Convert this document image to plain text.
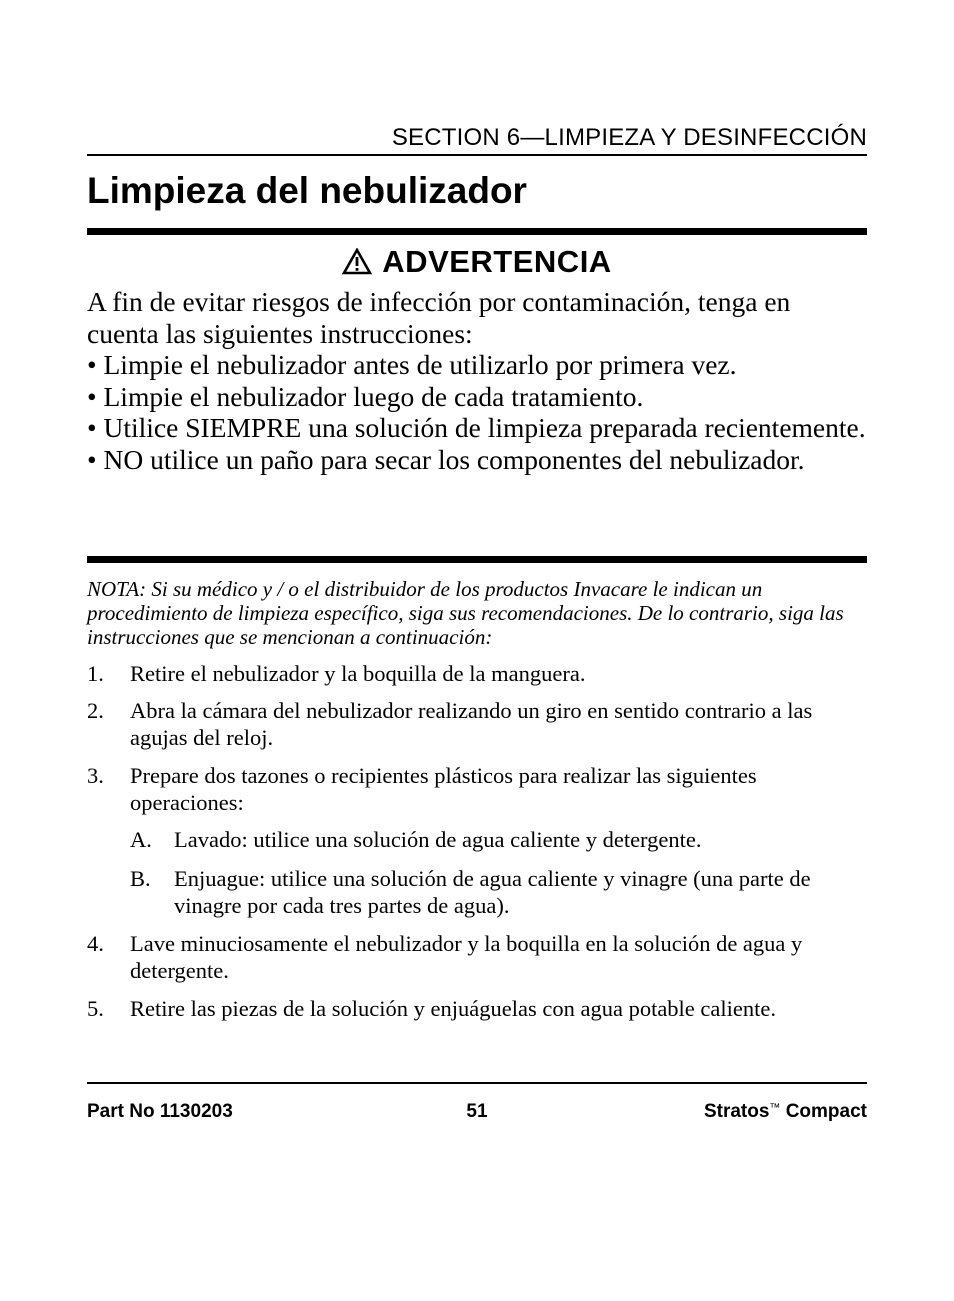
SECTION 6—LIMPIEZA Y DESINFECCIÓN
Limpieza del nebulizador
ADVERTENCIA

A fin de evitar riesgos de infección por contaminación, tenga en cuenta las siguientes instrucciones:

• Limpie el nebulizador antes de utilizarlo por primera vez.

• Limpie el nebulizador luego de cada tratamiento.

• Utilice SIEMPRE una solución de limpieza preparada recientemente.

• NO utilice un paño para secar los componentes del nebulizador.

NOTA: Si su médico y / o el distribuidor de los productos Invacare le indican un procedimiento de limpieza específico, siga sus recomendaciones. De lo contrario, siga las instrucciones que se mencionan a continuación:
1. Retire el nebulizador y la boquilla de la manguera.
2. Abra la cámara del nebulizador realizando un giro en sentido contrario a las agujas del reloj.
3. Prepare dos tazones o recipientes plásticos para realizar las siguientes operaciones:
A. Lavado: utilice una solución de agua caliente y detergente.
B. Enjuague: utilice una solución de agua caliente y vinagre (una parte de vinagre por cada tres partes de agua).
4. Lave minuciosamente el nebulizador y la boquilla en la solución de agua y detergente.
5. Retire las piezas de la solución y enjuáguelas con agua potable caliente.
Part No 1130203	51	Stratos™ Compact
